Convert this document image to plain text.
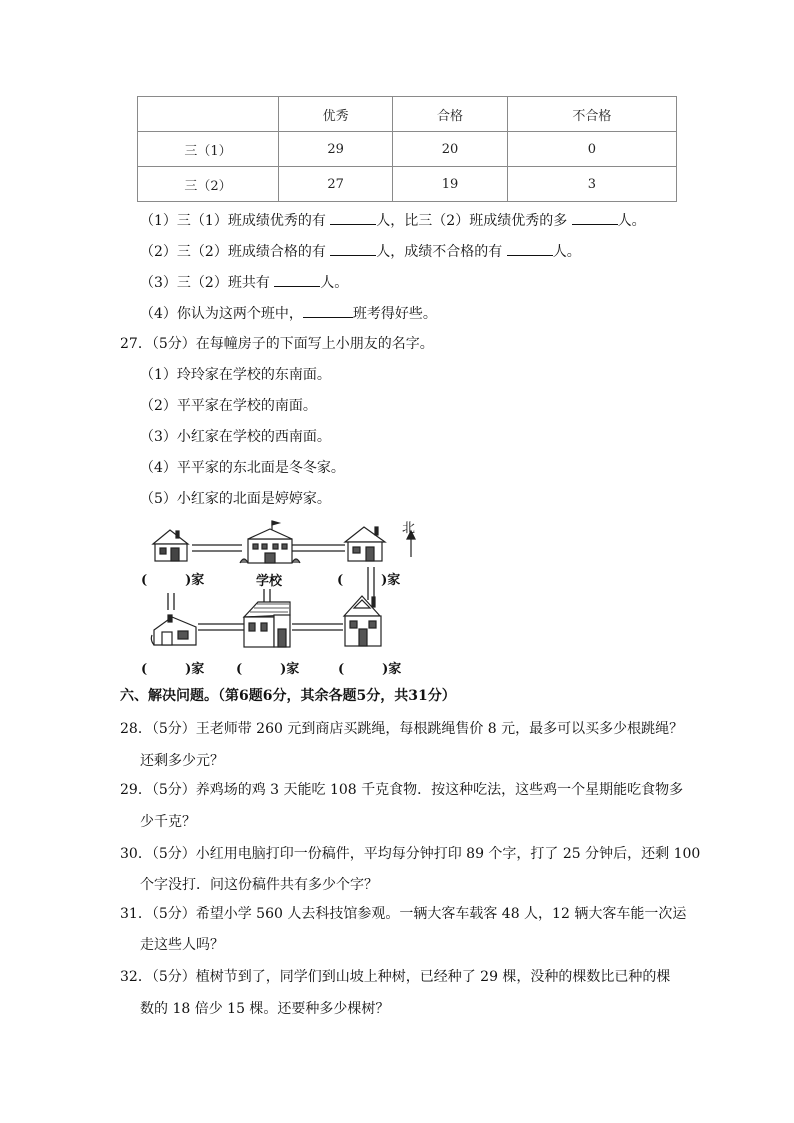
	优秀	合格	不合格
三（1）	29	20	0
三（2）	27	19	3
（1）三（1）班成绩优秀的有	人，比三（2）班成绩优秀的多	人。
（2）三（2）班成绩合格的有	人，成绩不合格的有	人。
（3）三（2）班共有	人。
（4）你认为这两个班中，	班考得好些。
27．（5分）在每幢房子的下面写上小朋友的名字。
（1）玲玲家在学校的东南面。
（2）平平家在学校的南面。
（3）小红家在学校的西南面。
（4）平平家的东北面是冬冬家。
（5）小红家的北面是婷婷家。
(	)家	学校	(	)家
北
(	)家 (	)家	(	)家
六、解决问题。（第6题6分，其余各题5分，共31分）
28．（5分）王老师带 260 元到商店买跳绳，每根跳绳售价 8 元，最多可以买多少根跳绳？
还剩多少元？
29．（5分）养鸡场的鸡 3 天能吃 108 千克食物．按这种吃法，这些鸡一个星期能吃食物多
少千克？
30．（5分）小红用电脑打印一份稿件，平均每分钟打印 89 个字，打了 25 分钟后，还剩 100
个字没打．问这份稿件共有多少个字？
31．（5分）希望小学 560 人去科技馆参观。一辆大客车载客 48 人，12 辆大客车能一次运
走这些人吗？
32．（5分）植树节到了，同学们到山坡上种树，已经种了 29 棵，没种的棵数比已种的棵
数的 18 倍少 15 棵。还要种多少棵树？
